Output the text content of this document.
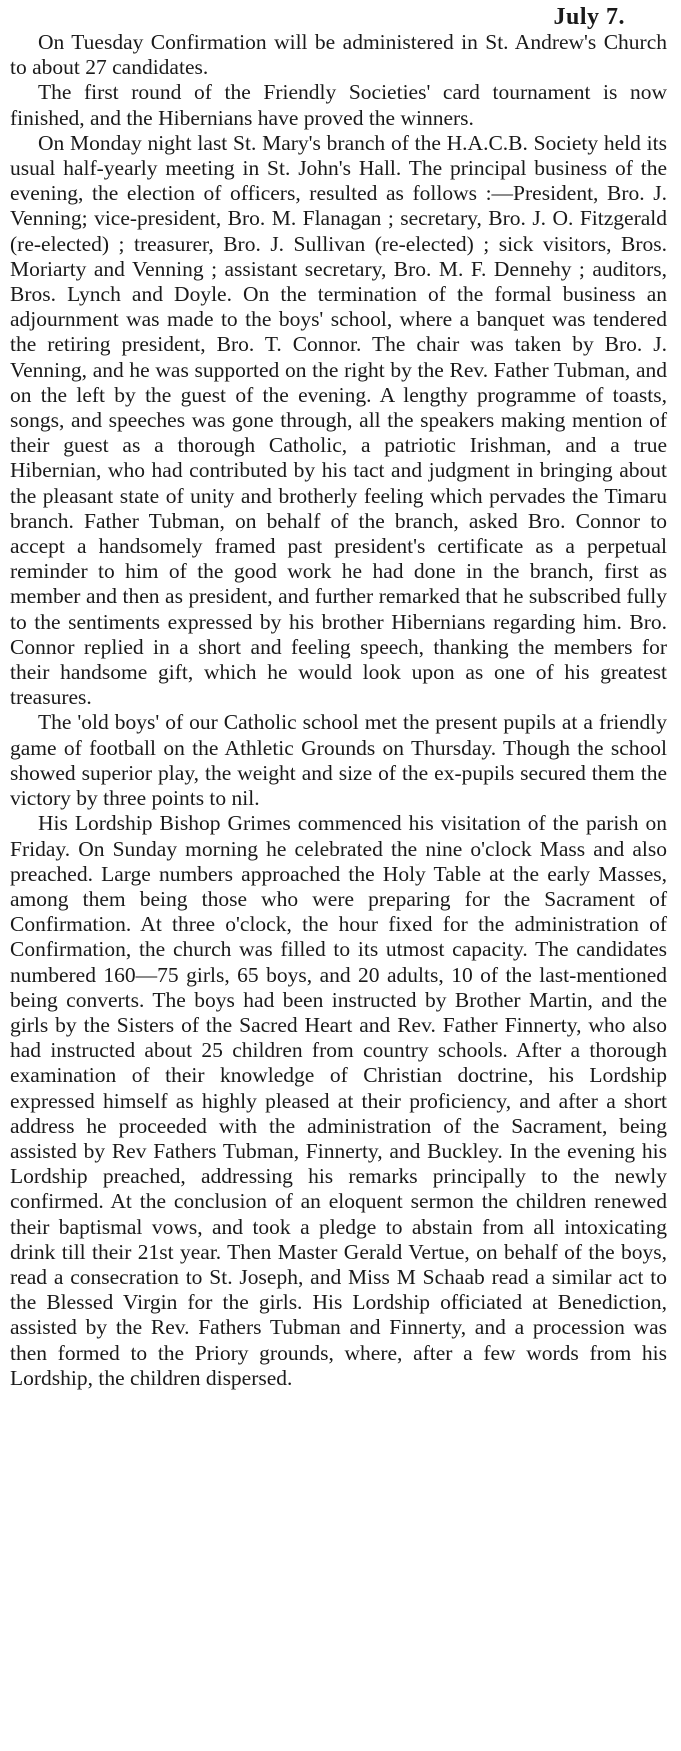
July 7.

On Tuesday Confirmation will be administered in St. Andrew's Church to about 27 candidates.

The first round of the Friendly Societies' card tournament is now finished, and the Hibernians have proved the winners.

On Monday night last St. Mary's branch of the H.A.C.B. Society held its usual half-yearly meeting in St. John's Hall. The principal business of the evening, the election of officers, resulted as follows :—President, Bro. J. Venning; vice-president, Bro. M. Flanagan ; secretary, Bro. J. O. Fitzgerald (re-elected) ; treasurer, Bro. J. Sullivan (re-elected) ; sick visitors, Bros. Moriarty and Venning ; assistant secretary, Bro. M. F. Dennehy ; auditors, Bros. Lynch and Doyle. On the termination of the formal business an adjournment was made to the boys' school, where a banquet was tendered the retiring president, Bro. T. Connor. The chair was taken by Bro. J. Venning, and he was supported on the right by the Rev. Father Tubman, and on the left by the guest of the evening. A lengthy programme of toasts, songs, and speeches was gone through, all the speakers making mention of their guest as a thorough Catholic, a patriotic Irishman, and a true Hibernian, who had contributed by his tact and judgment in bringing about the pleasant state of unity and brotherly feeling which pervades the Timaru branch. Father Tubman, on behalf of the branch, asked Bro. Connor to accept a handsomely framed past president's certificate as a perpetual reminder to him of the good work he had done in the branch, first as member and then as president, and further remarked that he subscribed fully to the sentiments expressed by his brother Hibernians regarding him. Bro. Connor replied in a short and feeling speech, thanking the members for their handsome gift, which he would look upon as one of his greatest treasures.

The 'old boys' of our Catholic school met the present pupils at a friendly game of football on the Athletic Grounds on Thursday. Though the school showed superior play, the weight and size of the ex-pupils secured them the victory by three points to nil.

His Lordship Bishop Grimes commenced his visitation of the parish on Friday. On Sunday morning he celebrated the nine o'clock Mass and also preached. Large numbers approached the Holy Table at the early Masses, among them being those who were preparing for the Sacrament of Confirmation. At three o'clock, the hour fixed for the administration of Confirmation, the church was filled to its utmost capacity. The candidates numbered 160—75 girls, 65 boys, and 20 adults, 10 of the last-mentioned being converts. The boys had been instructed by Brother Martin, and the girls by the Sisters of the Sacred Heart and Rev. Father Finnerty, who also had instructed about 25 children from country schools. After a thorough examination of their knowledge of Christian doctrine, his Lordship expressed himself as highly pleased at their proficiency, and after a short address he proceeded with the administration of the Sacrament, being assisted by Rev Fathers Tubman, Finnerty, and Buckley. In the evening his Lordship preached, addressing his remarks principally to the newly confirmed. At the conclusion of an eloquent sermon the children renewed their baptismal vows, and took a pledge to abstain from all intoxicating drink till their 21st year. Then Master Gerald Vertue, on behalf of the boys, read a consecration to St. Joseph, and Miss M Schaab read a similar act to the Blessed Virgin for the girls. His Lordship officiated at Benediction, assisted by the Rev. Fathers Tubman and Finnerty, and a procession was then formed to the Priory grounds, where, after a few words from his Lordship, the children dispersed.
